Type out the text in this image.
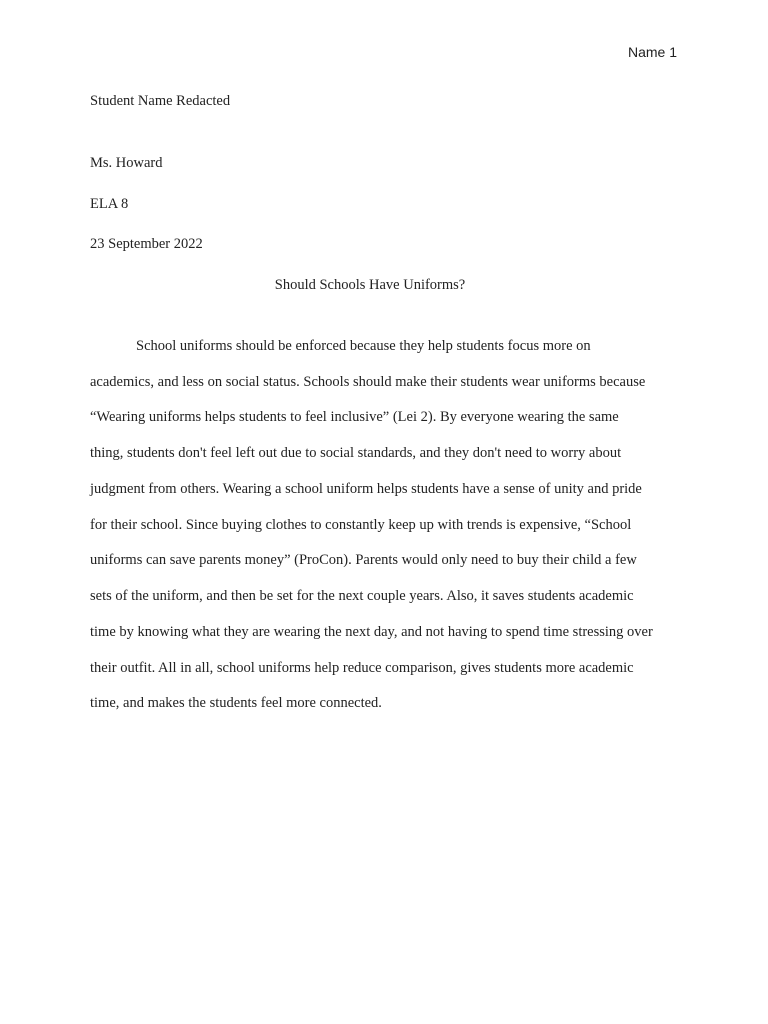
Name 1
Student Name Redacted
Ms. Howard
ELA 8
23 September 2022
Should Schools Have Uniforms?
School uniforms should be enforced because they help students focus more on
academics, and less on social status. Schools should make their students wear uniforms because
“Wearing uniforms helps students to feel inclusive” (Lei 2). By everyone wearing the same
thing, students don't feel left out due to social standards, and they don't need to worry about
judgment from others. Wearing a school uniform helps students have a sense of unity and pride
for their school. Since buying clothes to constantly keep up with trends is expensive, “School
uniforms can save parents money” (ProCon). Parents would only need to buy their child a few
sets of the uniform, and then be set for the next couple years. Also, it saves students academic
time by knowing what they are wearing the next day, and not having to spend time stressing over
their outfit. All in all, school uniforms help reduce comparison, gives students more academic
time, and makes the students feel more connected.
